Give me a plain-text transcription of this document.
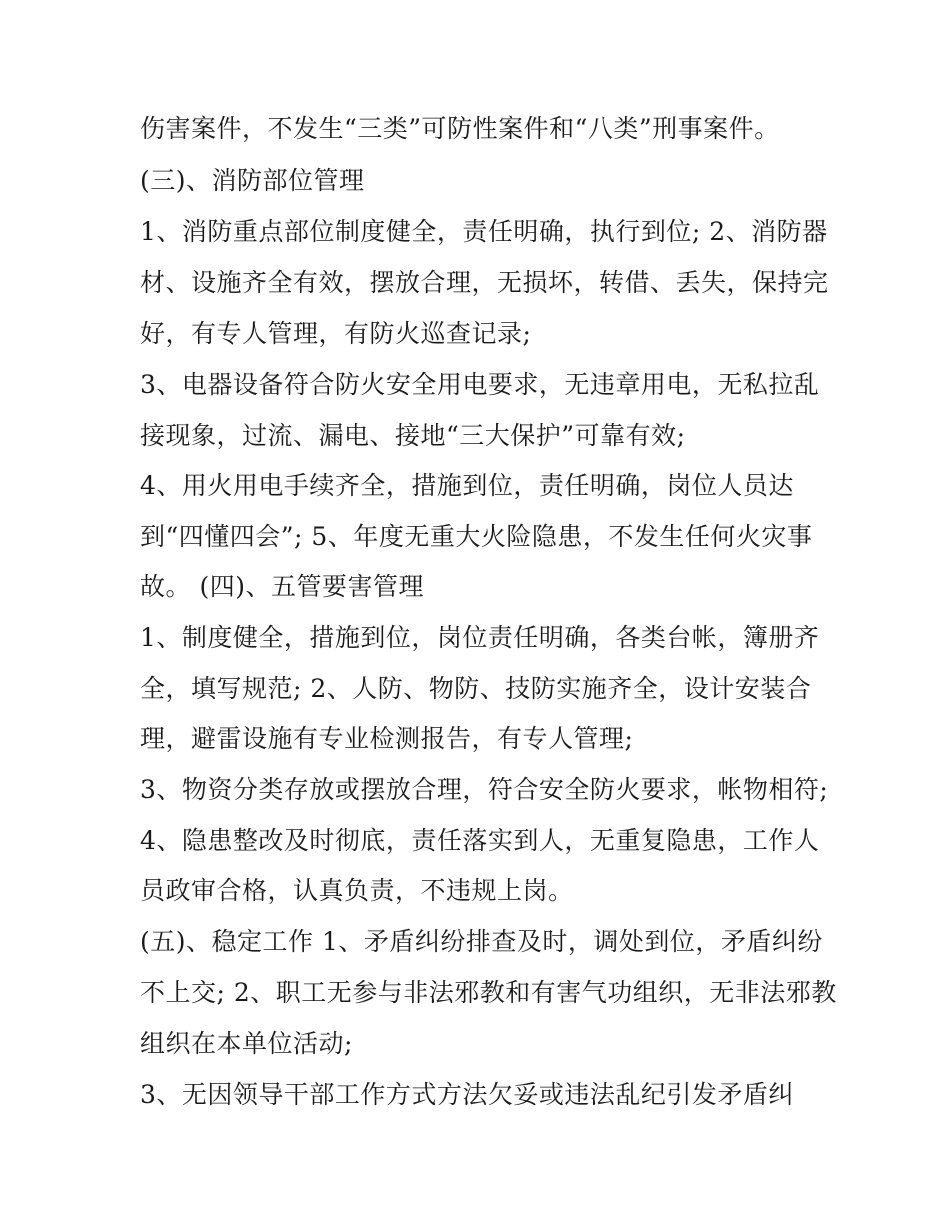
伤害案件，不发生“三类”可防性案件和“八类”刑事案件。
(三)、消防部位管理
1、消防重点部位制度健全，责任明确，执行到位; 2、消防器
材、设施齐全有效，摆放合理，无损坏，转借、丢失，保持完
好，有专人管理，有防火巡查记录;
3、电器设备符合防火安全用电要求，无违章用电，无私拉乱
接现象，过流、漏电、接地“三大保护”可靠有效;
4、用火用电手续齐全，措施到位，责任明确，岗位人员达
到“四懂四会”; 5、年度无重大火险隐患，不发生任何火灾事
故。 (四)、五管要害管理
1、制度健全，措施到位，岗位责任明确，各类台帐，簿册齐
全，填写规范; 2、人防、物防、技防实施齐全，设计安装合
理，避雷设施有专业检测报告，有专人管理;
3、物资分类存放或摆放合理，符合安全防火要求，帐物相符;
4、隐患整改及时彻底，责任落实到人，无重复隐患，工作人
员政审合格，认真负责，不违规上岗。
(五)、稳定工作 1、矛盾纠纷排查及时，调处到位，矛盾纠纷
不上交; 2、职工无参与非法邪教和有害气功组织，无非法邪教
组织在本单位活动;
3、无因领导干部工作方式方法欠妥或违法乱纪引发矛盾纠
